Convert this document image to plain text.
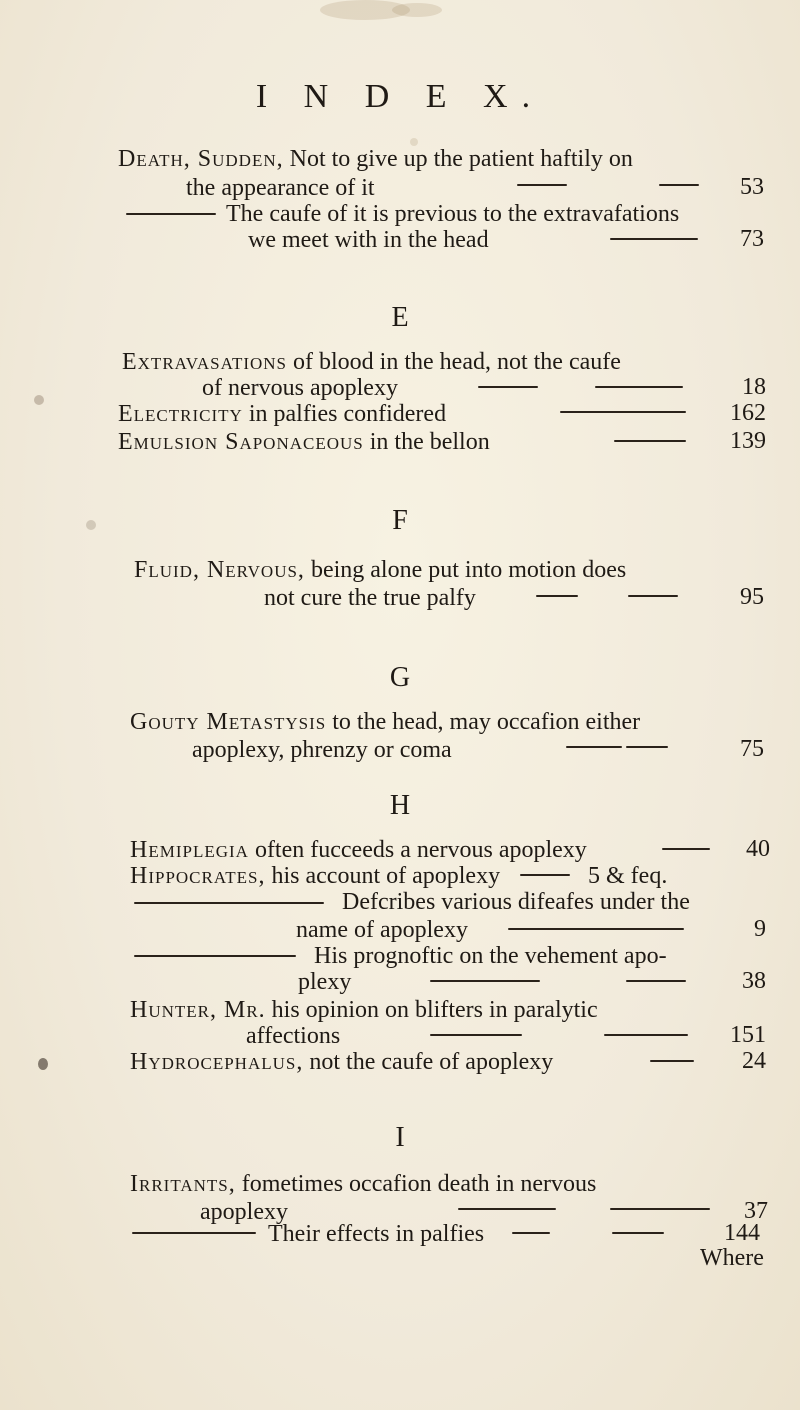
I N D E X.
Death, Sudden, Not to give up the patient haftily on
the appearance of it	53
The caufe of it is previous to the extravafations
we meet with in the head	73
E
Extravasations of blood in the head, not the caufe
of nervous apoplexy	18
Electricity in palfies confidered	162
Emulsion Saponaceous in the bellon	139
F
Fluid, Nervous, being alone put into motion does
not cure the true palfy	95
G
Gouty Metastysis to the head, may occafion either
apoplexy, phrenzy or coma	75
H
Hemiplegia often fucceeds a nervous apoplexy	40
Hippocrates, his account of apoplexy	5 & feq.
Defcribes various difeafes under the
name of apoplexy	9
His prognoftic on the vehement apo-
plexy	38
Hunter, Mr. his opinion on blifters in paralytic
affections	151
Hydrocephalus, not the caufe of apoplexy	24
I
Irritants, fometimes occafion death in nervous
apoplexy	37
Their effects in palfies	144
Where
